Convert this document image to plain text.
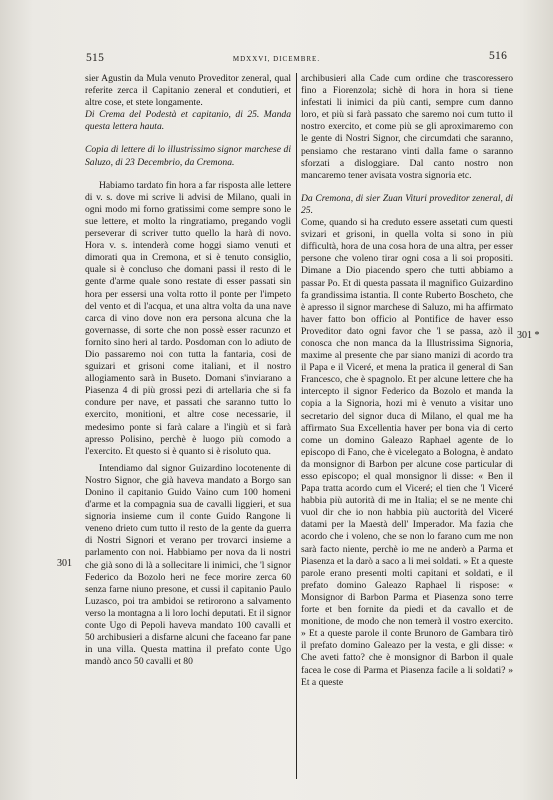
515	MDXXVI, DICEMBRE.	516
301
301 *

sier Agustin da Mula venuto Proveditor zeneral, qual referite zerca il Capitanio zeneral et condutieri, et altre cose, et stete longamente.

Di Crema del Podestà et capitanio, di 25. Manda questa lettera hauta.

Copia di lettere di lo illustrissimo signor marchese di Saluzo, di 23 Decembrio, da Cremona.

Habiamo tardato fin hora a far risposta alle lettere di v. s. dove mi scrive li advisi de Milano, quali in ogni modo mi forno gratissimi come sempre sono le sue lettere, et molto la ringratiamo, pregando vogli perseverar di scriver tutto quello la harà di novo. Hora v. s. intenderà come hoggi siamo venuti et dimorati qua in Cremona, et si è tenuto consiglio, quale si è concluso che domani passi il resto di le gente d'arme quale sono restate di esser passati sin hora per essersi una volta rotto il ponte per l'impeto del vento et di l'acqua, et una altra volta da una nave carca di vino dove non era persona alcuna che la governasse, di sorte che non possè esser racunzo et fornito sino heri al tardo. Posdoman con lo adiuto de Dio passaremo noi con tutta la fantaria, cosi de sguizari et grisoni come italiani, et il nostro allogiamento sarà in Buseto. Domani s'inviarano a Piasenza 4 di più grossi pezi di artellaria che si fa condure per nave, et passati che saranno tutto lo exercito, monitioni, et altre cose necessarie, il medesimo ponte si farà calare a l'ingiù et si farà apresso Polisino, perchè è luogo più comodo a l'exercito. Et questo si è quanto si è risoluto qua.

Intendiamo dal signor Guizardino locotenente di Nostro Signor, che già haveva mandato a Borgo san Donino il capitanio Guido Vaino cum 100 homeni d'arme et la compagnia sua de cavalli liggieri, et sua signoria insieme cum il conte Guido Rangone li veneno drieto cum tutto il resto de la gente da guerra di Nostri Signori et verano per trovarci insieme a parlamento con noi. Habbiamo per nova da li nostri che già sono di là a sollecitare li inimici, che 'l signor Federico da Bozolo heri ne fece morire zerca 60 senza farne niuno presone, et cussi il capitanio Paulo Luzasco, poi tra ambidoi se retirorono a salvamento verso la montagna a li loro lochi deputati. Et il signor conte Ugo di Pepoli haveva mandato 100 cavalli et 50 archibusieri a disfarne alcuni che faceano far pane in una villa. Questa mattina il prefato conte Ugo mandò anco 50 cavalli et 80

archibusieri alla Cade cum ordine che trascoressero fino a Fiorenzola; sichè di hora in hora si tiene infestati li inimici da più canti, sempre cum danno loro, et più si farà passato che saremo noi cum tutto il nostro exercito, et come più se gli aproximaremo con le gente di Nostri Signor, che circumdati che saranno, pensiamo che restarano vinti dalla fame o saranno sforzati a disloggiare. Dal canto nostro non mancaremo tener avisata vostra signoria etc.

Da Cremona, di sier Zuan Vituri proveditor zeneral, di 25.

Come, quando si ha creduto essere assetati cum questi svizari et grisoni, in quella volta si sono in più difficultà, hora de una cosa hora de una altra, per esser persone che voleno tirar ogni cosa a li soi propositi. Dimane a Dio piacendo spero che tutti abbiamo a passar Po. Et di questa passata il magnifico Guizardino fa grandissima istantia. Il conte Ruberto Boscheto, che è apresso il signor marchese di Saluzo, mi ha affirmato haver fatto bon officio al Pontifice de haver esso Proveditor dato ogni favor che 'l se passa, azò il conosca che non manca da la Illustrissima Signoria, maxime al presente che par siano manizi di acordo tra il Papa e il Viceré, et mena la pratica il general di San Francesco, che è spagnolo. Et per alcune lettere che ha intercepto il signor Federico da Bozolo et manda la copia a la Signoria, hozi mi è venuto a visitar uno secretario del signor duca di Milano, el qual me ha affirmato Sua Excellentia haver per bona via di certo come un domino Galeazo Raphael agente de lo episcopo di Fano, che è vicelegato a Bologna, è andato da monsignor di Barbon per alcune cose particular di esso episcopo; el qual monsignor li disse: « Ben il Papa tratta acordo cum el Viceré; el tien che 'l Viceré habbia più autorità di me in Italia; el se ne mente chi vuol dir che io non habbia più auctorità del Viceré datami per la Maestà dell' Imperador. Ma fazia che acordo che i voleno, che se non lo farano cum me non sarà facto niente, perchè io me ne anderò a Parma et Piasenza et la darò a saco a li mei soldati. » Et a queste parole erano presenti molti capitani et soldati, e il prefato domino Galeazo Raphael li rispose: « Monsignor di Barbon Parma et Piasenza sono terre forte et ben fornite da piedi et da cavallo et de monitione, de modo che non temerà il vostro exercito. » Et a queste parole il conte Brunoro de Gambara tirò il prefato domino Galeazo per la vesta, e gli disse: « Che aveti fatto? che è monsignor di Barbon il quale facea le cose di Parma et Piasenza facile a li soldati? » Et a queste
